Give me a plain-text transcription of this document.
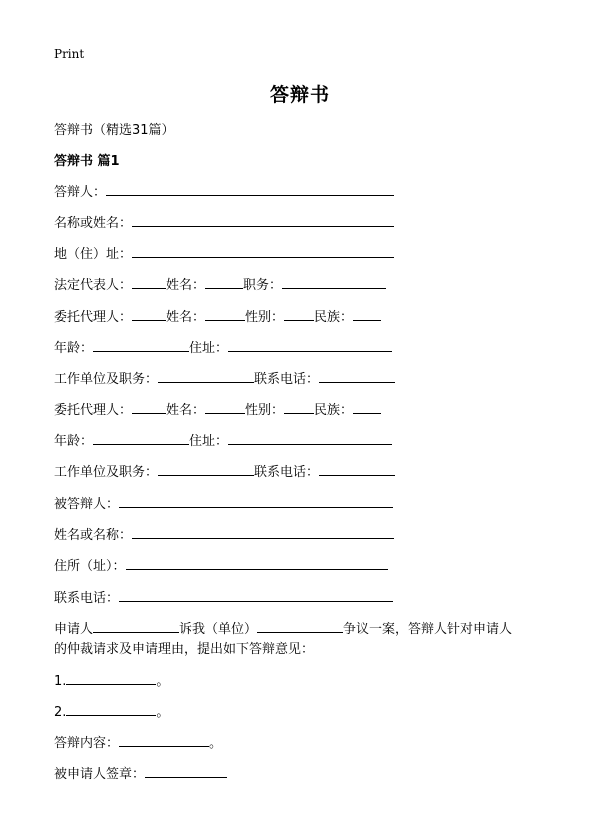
Print
答辩书
答辩书（精选31篇）
答辩书 篇1
答辩人：
名称或姓名：
地（住）址：
法定代表人：	姓名：	职务：
委托代理人：	姓名：	性别： 民族：
年龄：	住址：
工作单位及职务：	联系电话：
委托代理人：	姓名：	性别： 民族：
年龄：	住址：
工作单位及职务：	联系电话：
被答辩人：
姓名或名称：
住所（址）：
联系电话：
申请人	诉我（单位）	争议一案，答辩人针对申请人
的仲裁请求及申请理由，提出如下答辩意见：
1.	。
2.	。
答辩内容：	。
被申请人签章：
